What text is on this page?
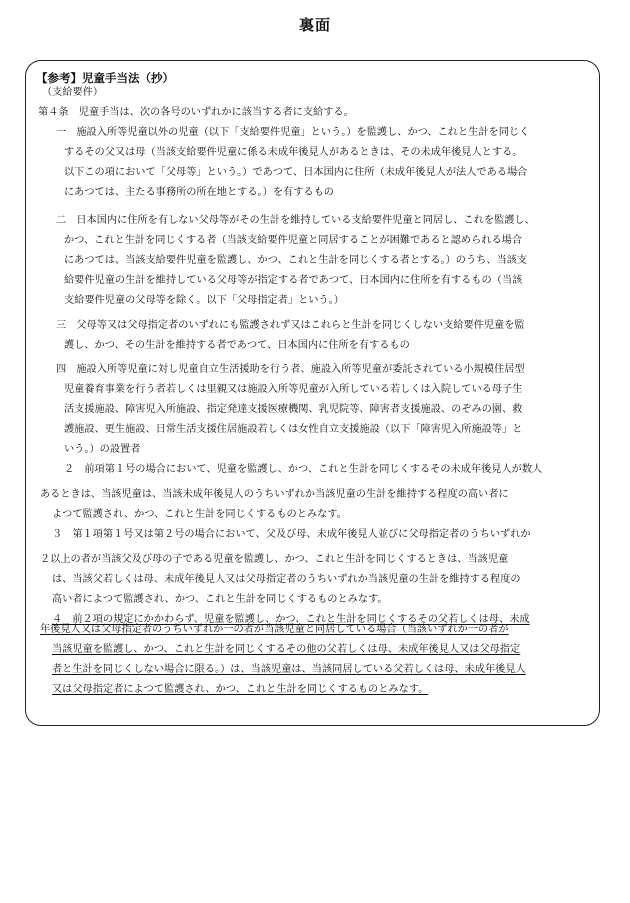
裏面
【参考】児童手当法（抄）
（支給要件）
第４条　児童手当は、次の各号のいずれかに該当する者に支給する。
一　施設入所等児童以外の児童（以下「支給要件児童」という。）を監護し、かつ、これと生計を同じく
するその父又は母（当該支給要件児童に係る未成年後見人があるときは、その未成年後見人とする。
以下この項において「父母等」という。）であつて、日本国内に住所（未成年後見人が法人である場合
にあつては、主たる事務所の所在地とする。）を有するもの
二　日本国内に住所を有しない父母等がその生計を維持している支給要件児童と同居し、これを監護し、
かつ、これと生計を同じくする者（当該支給要件児童と同居することが困難であると認められる場合
にあつては、当該支給要件児童を監護し、かつ、これと生計を同じくする者とする。）のうち、当該支
給要件児童の生計を維持している父母等が指定する者であつて、日本国内に住所を有するもの（当該
支給要件児童の父母等を除く。以下「父母指定者」という。）
三　父母等又は父母指定者のいずれにも監護されず又はこれらと生計を同じくしない支給要件児童を監
護し、かつ、その生計を維持する者であつて、日本国内に住所を有するもの
四　施設入所等児童に対し児童自立生活援助を行う者、施設入所等児童が委託されている小規模住居型
児童養育事業を行う者若しくは里親又は施設入所等児童が入所している若しくは入院している母子生
活支援施設、障害児入所施設、指定発達支援医療機関、乳児院等、障害者支援施設、のぞみの園、救
護施設、更生施設、日常生活支援住居施設若しくは女性自立支援施設（以下「障害児入所施設等」と
いう。）の設置者
２　前項第１号の場合において、児童を監護し、かつ、これと生計を同じくするその未成年後見人が数人
あるときは、当該児童は、当該未成年後見人のうちいずれか当該児童の生計を維持する程度の高い者に
よつて監護され、かつ、これと生計を同じくするものとみなす。
３　第１項第１号又は第２号の場合において、父及び母、未成年後見人並びに父母指定者のうちいずれか
２以上の者が当該父及び母の子である児童を監護し、かつ、これと生計を同じくするときは、当該児童
は、当該父若しくは母、未成年後見人又は父母指定者のうちいずれか当該児童の生計を維持する程度の
高い者によつて監護され、かつ、これと生計を同じくするものとみなす。
４　前２項の規定にかかわらず、児童を監護し、かつ、これと生計を同じくするその父若しくは母、未成
年後見人又は父母指定者のうちいずれか一の者が当該児童と同居している場合（当該いずれか一の者が
当該児童を監護し、かつ、これと生計を同じくするその他の父若しくは母、未成年後見人又は父母指定
者と生計を同じくしない場合に限る。）は、当該児童は、当該同居している父若しくは母、未成年後見人
又は父母指定者によつて監護され、かつ、これと生計を同じくするものとみなす。
